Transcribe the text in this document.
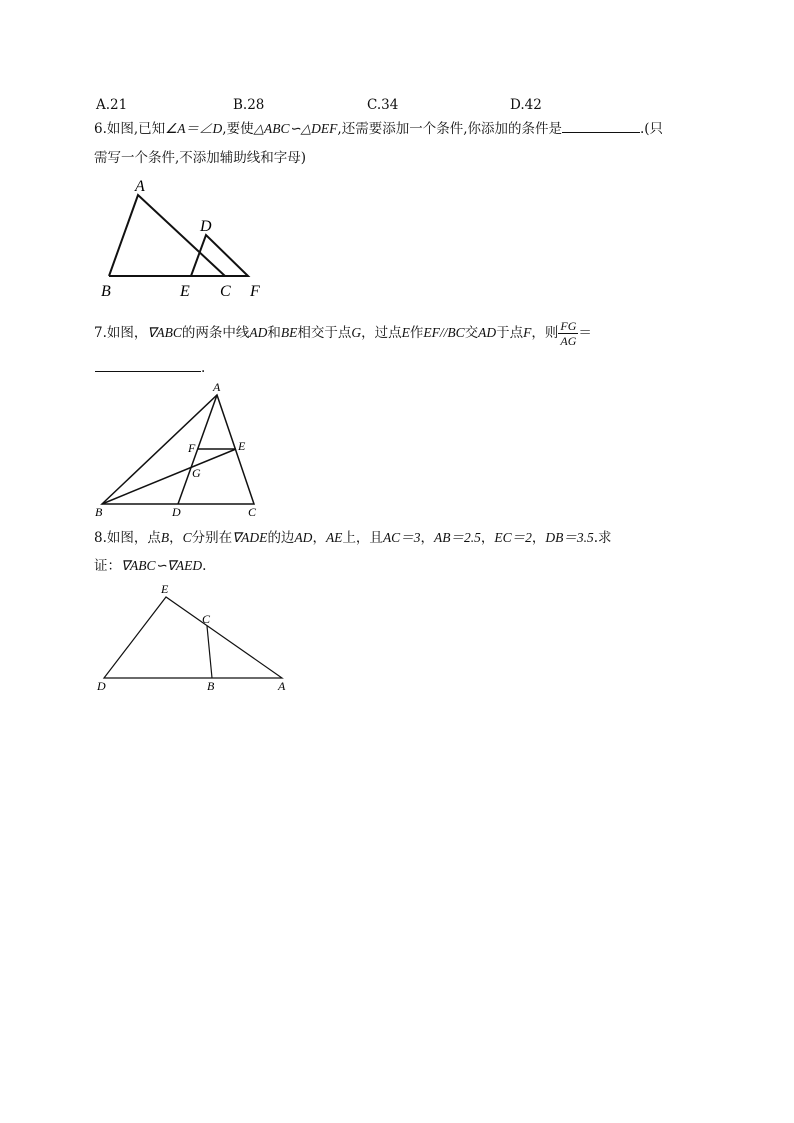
A.21	B.28	C.34	D.42
6.如图,已知∠A＝∠D,要使△ABC∽△DEF,还需要添加一个条件,你添加的条件是	.(只
需写一个条件,不添加辅助线和字母)
A
B
D
E C F
7.如图，∇ABC的两条中线AD和BE相交于点G，过点E作EF//BC交AD于点F，则 $\frac{FG}{AG}$ ＝
.
A
B	D	C
E
F
G
8.如图，点B，C分别在∇ADE的边AD，AE上，且AC＝3，AB＝2.5，EC＝2，DB＝3.5.求
证：∇ABC∽∇AED.
E
C
D	B	A
